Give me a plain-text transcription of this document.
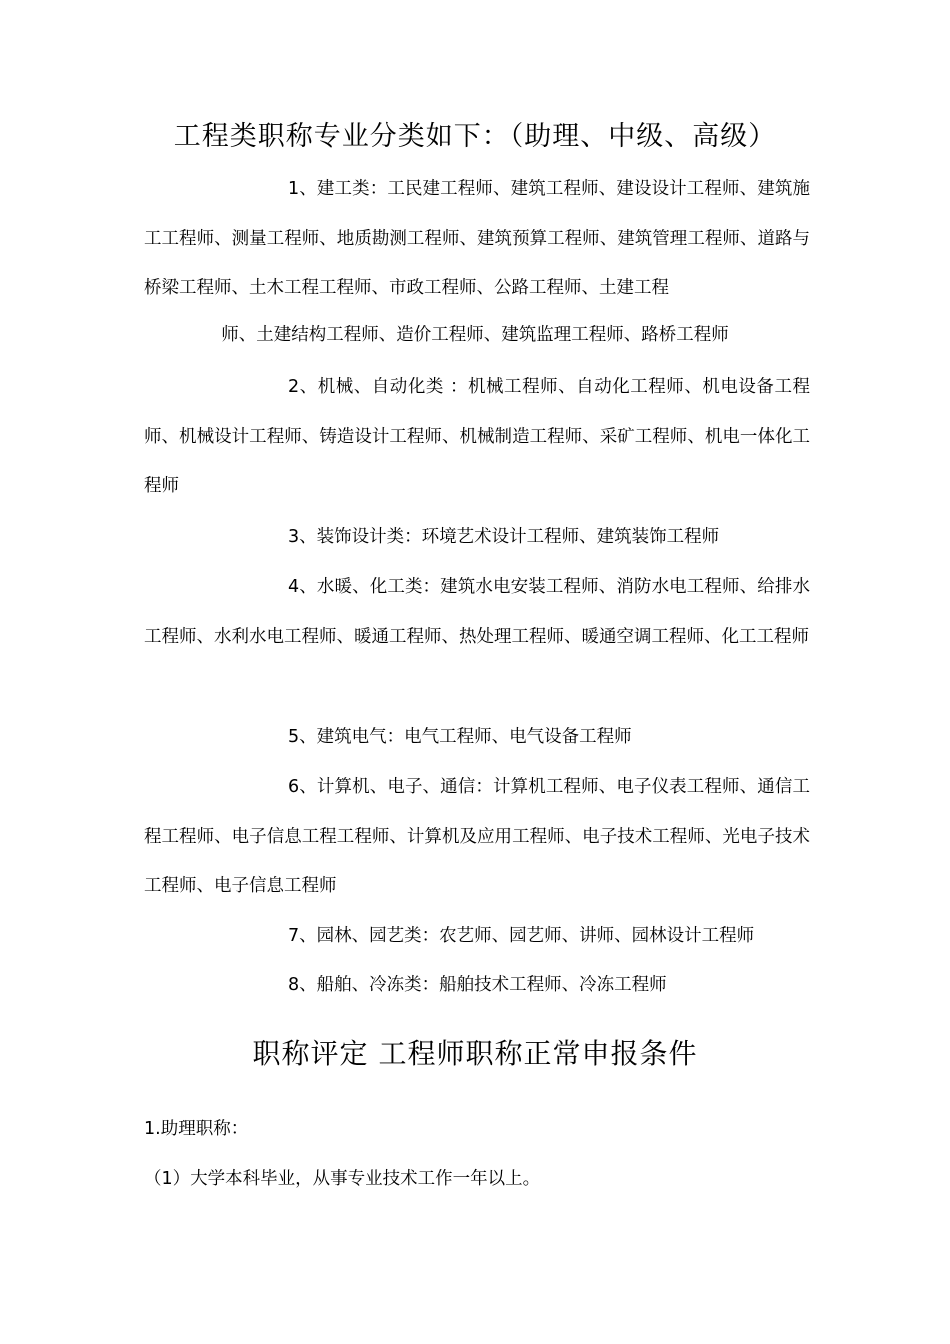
工程类职称专业分类如下：（助理、中级、高级）
1、建工类：工民建工程师、建筑工程师、建设设计工程师、建筑施工工程师、测量工程师、地质勘测工程师、建筑预算工程师、建筑管理工程师、道路与桥梁工程师、土木工程工程师、市政工程师、公路工程师、土建工程
师、土建结构工程师、造价工程师、建筑监理工程师、路桥工程师
2、机械、自动化类 ：机械工程师、自动化工程师、机电设备工程师、机械设计工程师、铸造设计工程师、机械制造工程师、采矿工程师、机电一体化工程师
3、装饰设计类：环境艺术设计工程师、建筑装饰工程师
4、水暖、化工类：建筑水电安装工程师、消防水电工程师、给排水工程师、水利水电工程师、暖通工程师、热处理工程师、暖通空调工程师、化工工程师
5、建筑电气：电气工程师、电气设备工程师
6、计算机、电子、通信：计算机工程师、电子仪表工程师、通信工程工程师、电子信息工程工程师、计算机及应用工程师、电子技术工程师、光电子技术工程师、电子信息工程师
7、园林、园艺类：农艺师、园艺师、讲师、园林设计工程师
8、船舶、冷冻类：船舶技术工程师、冷冻工程师
职称评定 工程师职称正常申报条件
1.助理职称：
（1）大学本科毕业，从事专业技术工作一年以上。
